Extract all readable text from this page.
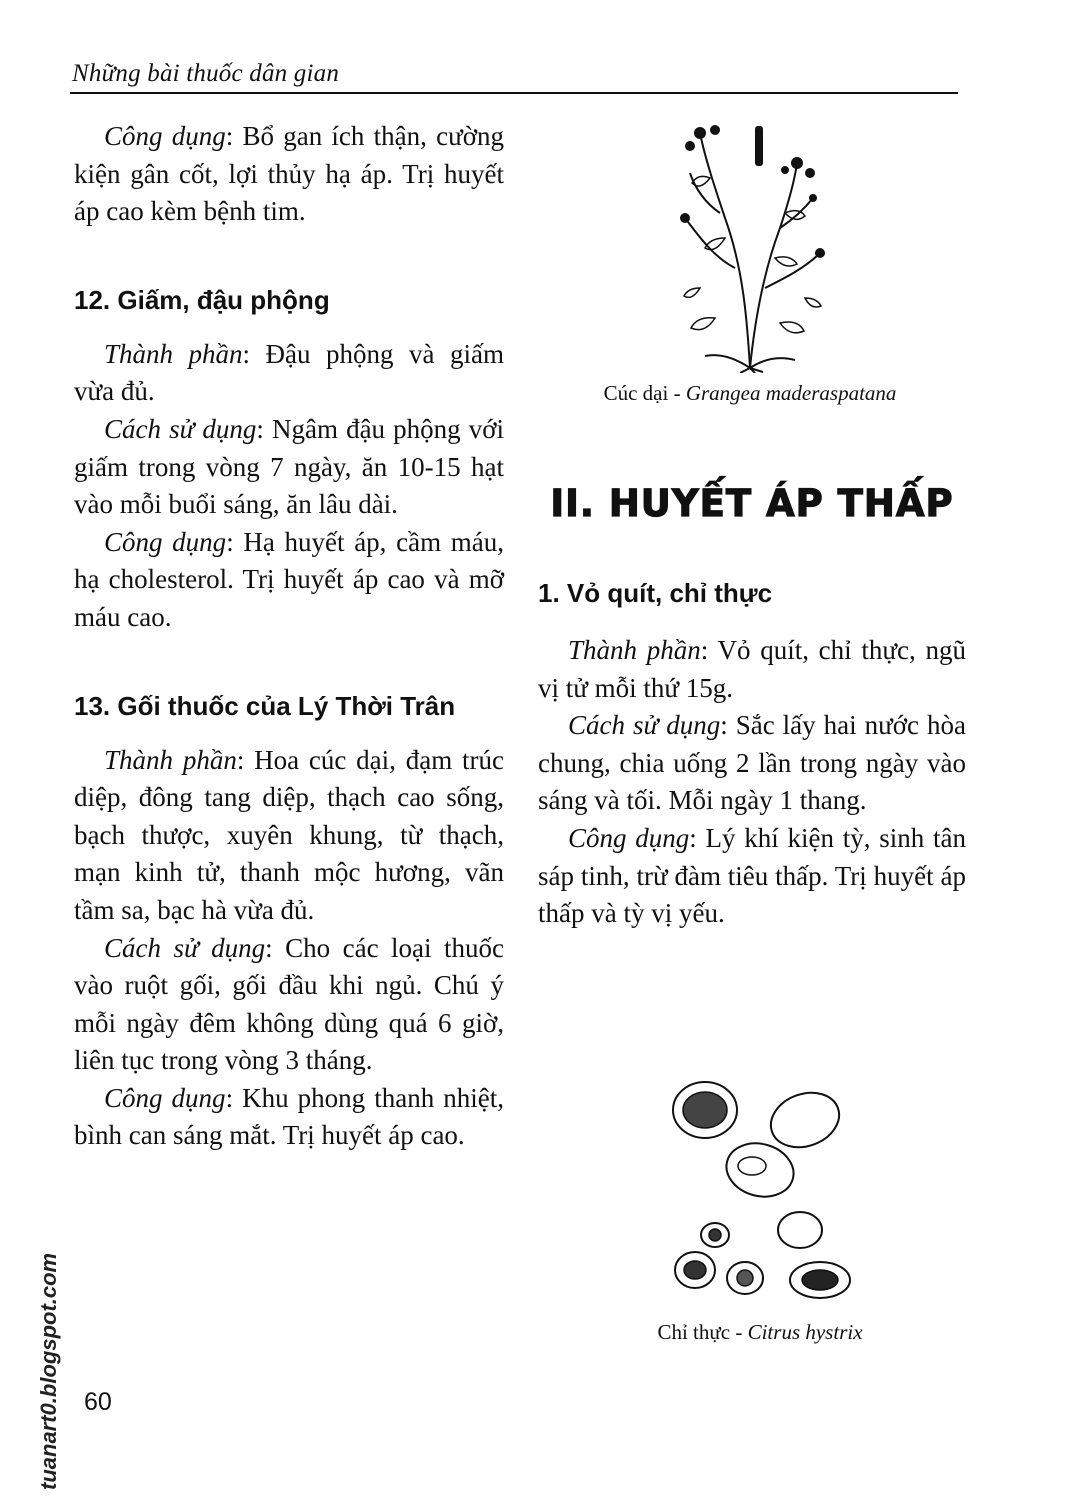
Những bài thuốc dân gian

Công dụng: Bổ gan ích thận, cường kiện gân cốt, lợi thủy hạ áp. Trị huyết áp cao kèm bệnh tim.

12. Giấm, đậu phộng

Thành phần: Đậu phộng và giấm vừa đủ.

Cách sử dụng: Ngâm đậu phộng với giấm trong vòng 7 ngày, ăn 10-15 hạt vào mỗi buổi sáng, ăn lâu dài.

Công dụng: Hạ huyết áp, cầm máu, hạ cholesterol. Trị huyết áp cao và mỡ máu cao.

13. Gối thuốc của Lý Thời Trân

Thành phần: Hoa cúc dại, đạm trúc diệp, đông tang diệp, thạch cao sống, bạch thược, xuyên khung, từ thạch, mạn kinh tử, thanh mộc hương, vãn tầm sa, bạc hà vừa đủ.

Cách sử dụng: Cho các loại thuốc vào ruột gối, gối đầu khi ngủ. Chú ý mỗi ngày đêm không dùng quá 6 giờ, liên tục trong vòng 3 tháng.

Công dụng: Khu phong thanh nhiệt, bình can sáng mắt. Trị huyết áp cao.

Cúc dại - Grangea maderaspatana
II. HUYẾT ÁP THẤP
1. Vỏ quít, chỉ thực

Thành phần: Vỏ quít, chỉ thực, ngũ vị tử mỗi thứ 15g.

Cách sử dụng: Sắc lấy hai nước hòa chung, chia uống 2 lần trong ngày vào sáng và tối. Mỗi ngày 1 thang.

Công dụng: Lý khí kiện tỳ, sinh tân sáp tinh, trừ đàm tiêu thấp. Trị huyết áp thấp và tỳ vị yếu.

Chỉ thực - Citrus hystrix
60
tuanart0.blogspot.com
